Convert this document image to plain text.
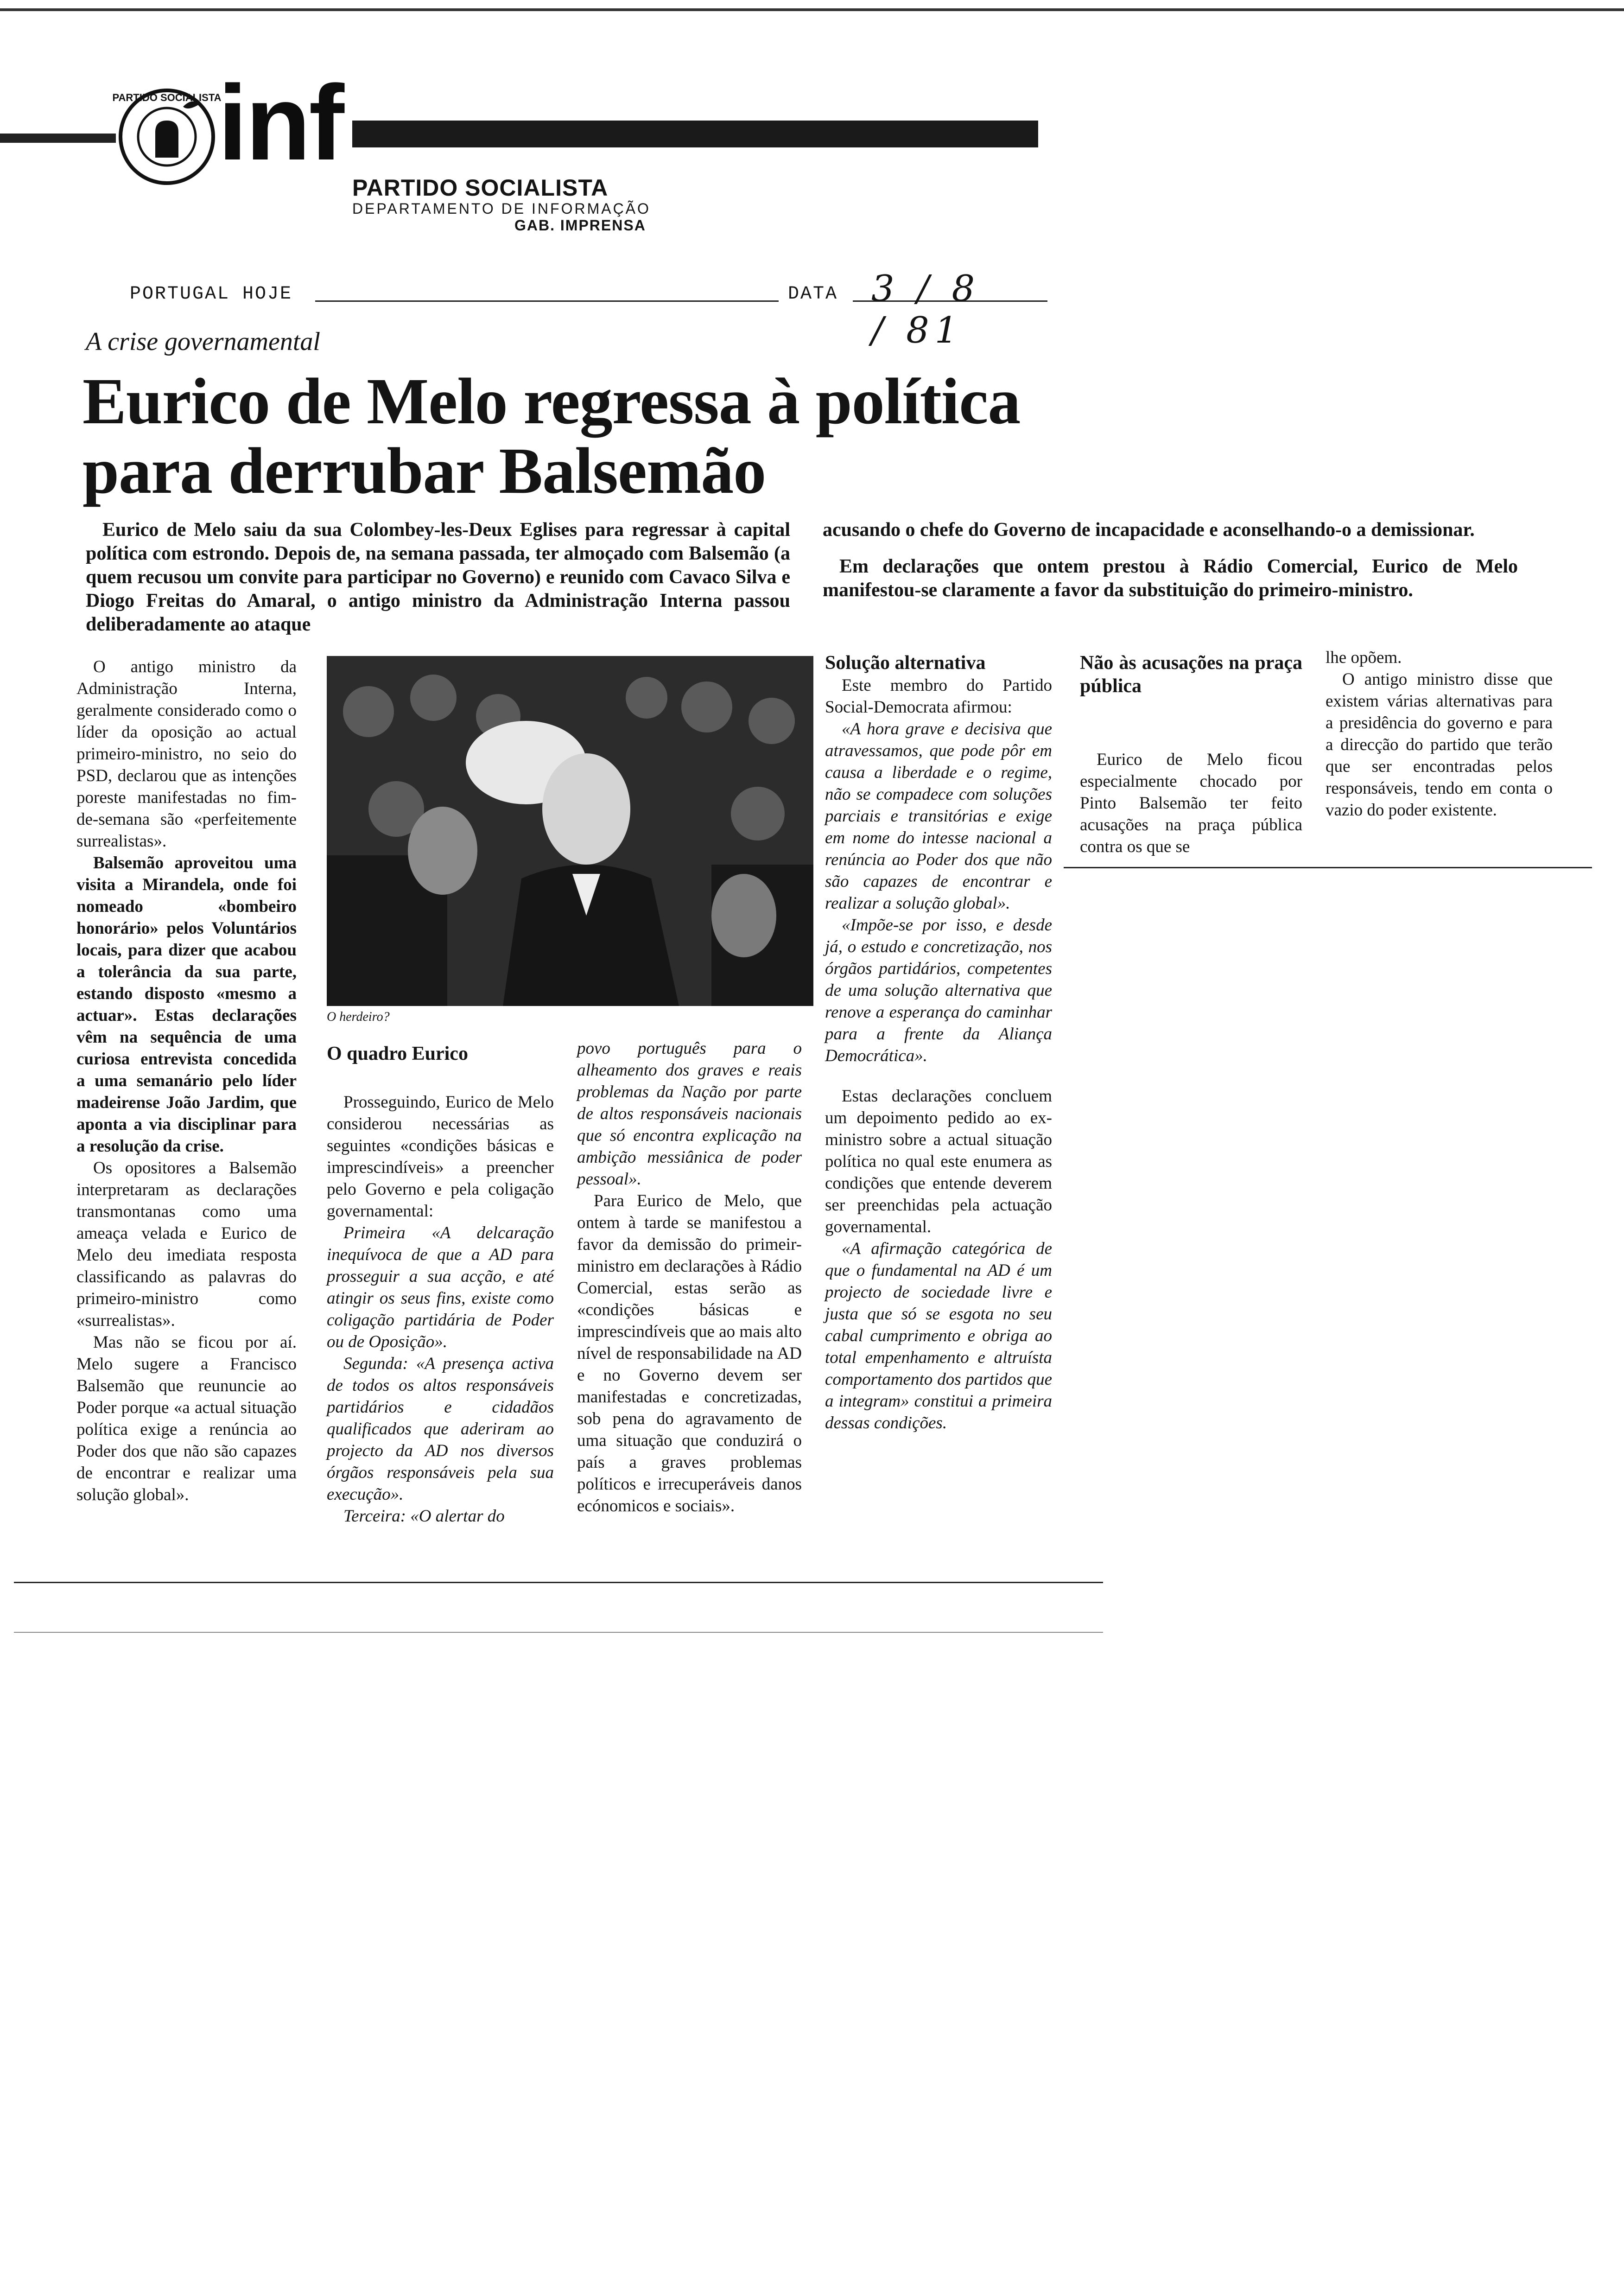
PARTIDO SOCIALISTA
inf
PARTIDO SOCIALISTA
DEPARTAMENTO DE INFORMAÇÃO
GAB. IMPRENSA
PORTUGAL HOJE	DATA 3 / 8 / 81
A crise governamental
Eurico de Melo regressa à política
para derrubar Balsemão
Eurico de Melo saiu da sua Colombey-les-Deux Eglises para regressar à capital política com estrondo. Depois de, na semana passada, ter almoçado com Balsemão (a quem recusou um convite para participar no Governo) e reunido com Cavaco Silva e Diogo Freitas do Amaral, o antigo ministro da Administração Interna passou deliberadamente ao ataque

acusando o chefe do Governo de incapacidade e aconselhando-o a demissionar.

Em declarações que ontem prestou à Rádio Comercial, Eurico de Melo manifestou-se claramente a favor da substituição do primeiro-ministro.

O herdeiro?

O antigo ministro da Administração Interna, geralmente considerado como o líder da oposição ao actual primeiro-ministro, no seio do PSD, declarou que as intenções poreste manifestadas no fim-de-semana são «perfeitemente surrealistas».

Balsemão aproveitou uma visita a Mirandela, onde foi nomeado «bombeiro honorário» pelos Voluntários locais, para dizer que acabou a tolerância da sua parte, estando disposto «mesmo a actuar». Estas declarações vêm na sequência de uma curiosa entrevista concedida a uma semanário pelo líder madeirense João Jardim, que aponta a via disciplinar para a resolução da crise.

Os opositores a Balsemão interpretaram as declarações transmontanas como uma ameaça velada e Eurico de Melo deu imediata resposta classificando as palavras do primeiro-ministro como «surrealistas».

Mas não se ficou por aí. Melo sugere a Francisco Balsemão que reununcie ao Poder porque «a actual situação política exige a renúncia ao Poder dos que não são capazes de encontrar e realizar uma solução global».

O quadro Eurico

Prosseguindo, Eurico de Melo considerou necessárias as seguintes «condições básicas e imprescindíveis» a preencher pelo Governo e pela coligação governamental:

Primeira «A delcaração inequívoca de que a AD para prosseguir a sua acção, e até atingir os seus fins, existe como coligação partidária de Poder ou de Oposição».

Segunda: «A presença activa de todos os altos responsáveis partidários e cidadãos qualificados que aderiram ao projecto da AD nos diversos órgãos responsáveis pela sua execução».

Terceira: «O alertar do

povo português para o alheamento dos graves e reais problemas da Nação por parte de altos responsáveis nacionais que só encontra explicação na ambição messiânica de poder pessoal».

Para Eurico de Melo, que ontem à tarde se manifestou a favor da demissão do primeir-ministro em declarações à Rádio Comercial, estas serão as «condições básicas e imprescindíveis que ao mais alto nível de responsabilidade na AD e no Governo devem ser manifestadas e concretizadas, sob pena do agravamento de uma situação que conduzirá o país a graves problemas políticos e irrecuperáveis danos ecónomicos e sociais».

Solução alternativa

Este membro do Partido Social-Democrata afirmou:

«A hora grave e decisiva que atravessamos, que pode pôr em causa a liberdade e o regime, não se compadece com soluções parciais e transitórias e exige em nome do intesse nacional a renúncia ao Poder dos que não são capazes de encontrar e realizar a solução global».

«Impõe-se por isso, e desde já, o estudo e concretização, nos órgãos partidários, competentes de uma solução alternativa que renove a esperança do caminhar para a frente da Aliança Democrática».

Estas declarações concluem um depoimento pedido ao ex-ministro sobre a actual situação política no qual este enumera as condições que entende deverem ser preenchidas pela actuação governamental.

«A afirmação categórica de que o fundamental na AD é um projecto de sociedade livre e justa que só se esgota no seu cabal cumprimento e obriga ao total empenhamento e altruísta comportamento dos partidos que a integram» constitui a primeira dessas condições.

Não às acusações na praça pública

Eurico de Melo ficou especialmente chocado por Pinto Balsemão ter feito acusações na praça pública contra os que se

lhe opõem.

O antigo ministro disse que existem várias alternativas para a presidência do governo e para a direcção do partido que terão que ser encontradas pelos responsáveis, tendo em conta o vazio do poder existente.
